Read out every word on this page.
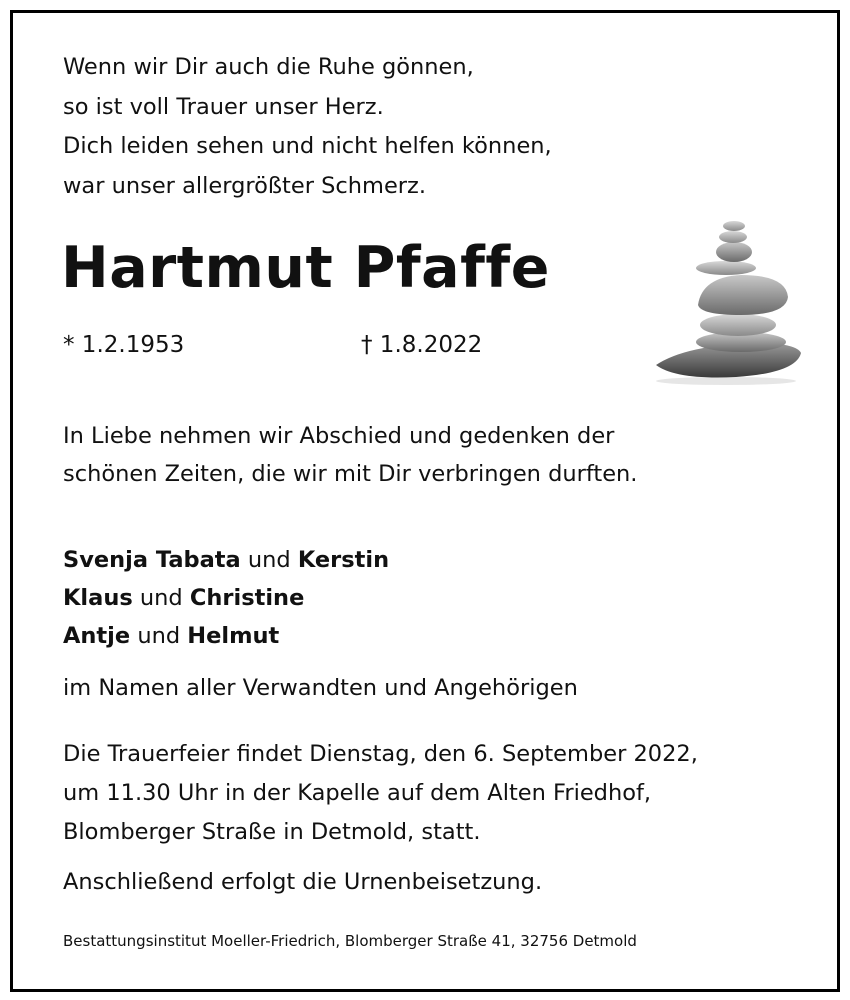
Wenn wir Dir auch die Ruhe gönnen,
so ist voll Trauer unser Herz.
Dich leiden sehen und nicht helfen können,
war unser allergrößter Schmerz.
Hartmut Pfaffe
* 1.2.1953	† 1.8.2022
In Liebe nehmen wir Abschied und gedenken der
schönen Zeiten, die wir mit Dir verbringen durften.
Svenja Tabata und Kerstin
Klaus und Christine
Antje und Helmut
im Namen aller Verwandten und Angehörigen
Die Trauerfeier findet Dienstag, den 6. September 2022,
um 11.30 Uhr in der Kapelle auf dem Alten Friedhof,
Blomberger Straße in Detmold, statt.
Anschließend erfolgt die Urnenbeisetzung.
Bestattungsinstitut Moeller-Friedrich, Blomberger Straße 41, 32756 Detmold
